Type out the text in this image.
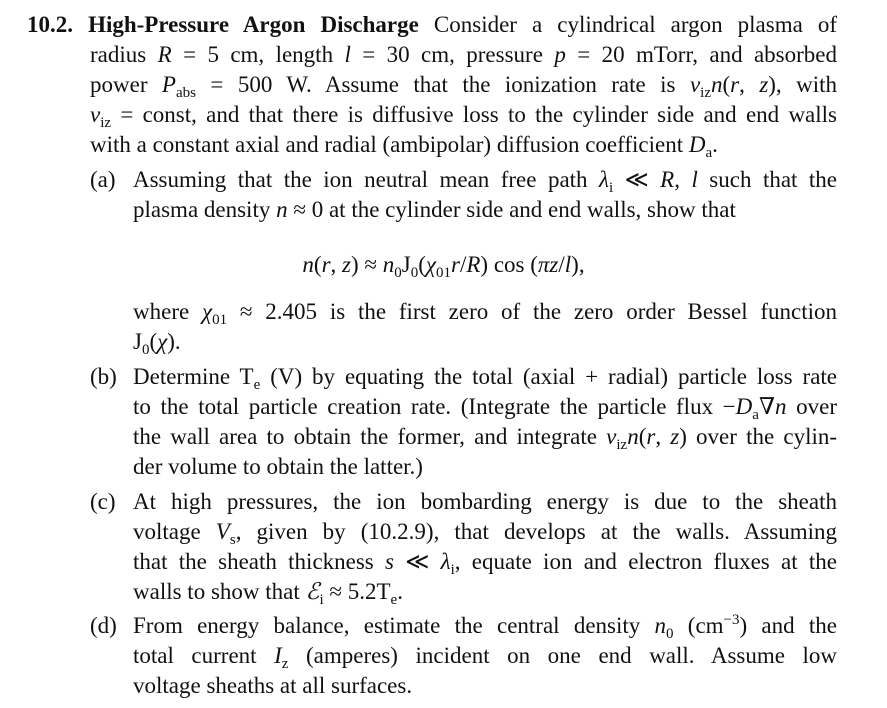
10.2. High-Pressure Argon Discharge Consider a cylindrical argon plasma of
radius R = 5 cm, length l = 30 cm, pressure p = 20 mTorr, and absorbed
power $P_{abs} = 500$ W. Assume that the ionization rate is $\nu_{iz}n(r$, z), with
$\nu_{iz}$ = const, and that there is diffusive loss to the cylinder side and end walls
with a constant axial and radial (ambipolar) diffusion coefficient $D_a$.
(a) Assuming that the ion neutral mean free path $\lambda_i$ ≪ R, l such that the
plasma density n ≈ 0 at the cylinder side and end walls, show that
n(r, $z) \approx n_0J_0(\chi_{01}r/R)$ cos (πz/l),
where $\chi_{01} \approx 2.405$ is the first zero of the zero order Bessel function
$J_0(\chi)$.
(b) Determine $T_e$ (V) by equating the total (axial + radial) particle loss rate
to the total particle creation rate. (Integrate the particle flux $-D_a\nabla n$ over
the wall area to obtain the former, and integrate $\nu_{iz}n(r$, z) over the cylin-
der volume to obtain the latter.)
(c) At high pressures, the ion bombarding energy is due to the sheath
voltage $V_s$, given by (10.2.9), that develops at the walls. Assuming
that the sheath thickness s ≪ $\lambda_i$, equate ion and electron fluxes at the
walls to show that ℰ$_i$ ≈ $5.2T_e$.
(d) From energy balance, estimate the central density $n_0$ $(cm^{-3})$ and the
total current $I_z$ (amperes) incident on one end wall. Assume low
voltage sheaths at all surfaces.
